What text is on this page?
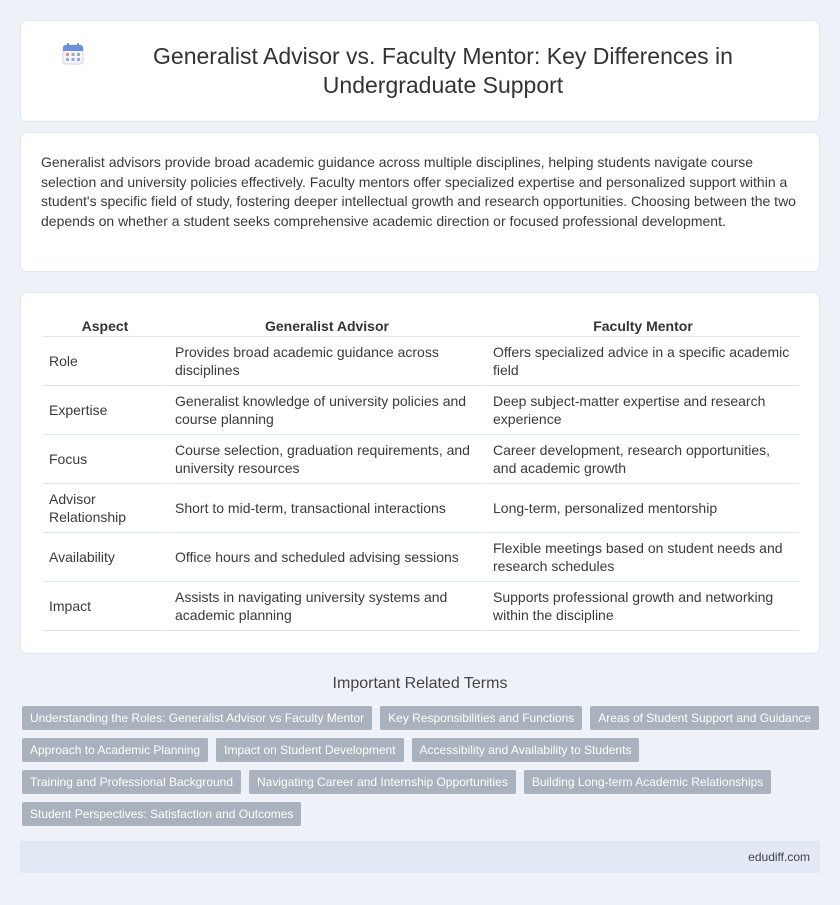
Generalist Advisor vs. Faculty Mentor: Key Differences in Undergraduate Support

Generalist advisors provide broad academic guidance across multiple disciplines, helping students navigate course selection and university policies effectively. Faculty mentors offer specialized expertise and personalized support within a student's specific field of study, fostering deeper intellectual growth and research opportunities. Choosing between the two depends on whether a student seeks comprehensive academic direction or focused professional development.

Aspect	Generalist Advisor	Faculty Mentor
Role	Provides broad academic guidance across disciplines	Offers specialized advice in a specific academic field
Expertise	Generalist knowledge of university policies and course planning	Deep subject-matter expertise and research experience
Focus	Course selection, graduation requirements, and university resources	Career development, research opportunities, and academic growth
Advisor Relationship	Short to mid-term, transactional interactions	Long-term, personalized mentorship
Availability	Office hours and scheduled advising sessions	Flexible meetings based on student needs and research schedules
Impact	Assists in navigating university systems and academic planning	Supports professional growth and networking within the discipline
Important Related Terms
Understanding the Roles: Generalist Advisor vs Faculty Mentor	Key Responsibilities and Functions	Areas of Student Support and Guidance
Approach to Academic Planning	Impact on Student Development	Accessibility and Availability to Students
Training and Professional Background	Navigating Career and Internship Opportunities	Building Long-term Academic Relationships
Student Perspectives: Satisfaction and Outcomes
edudiff.com
